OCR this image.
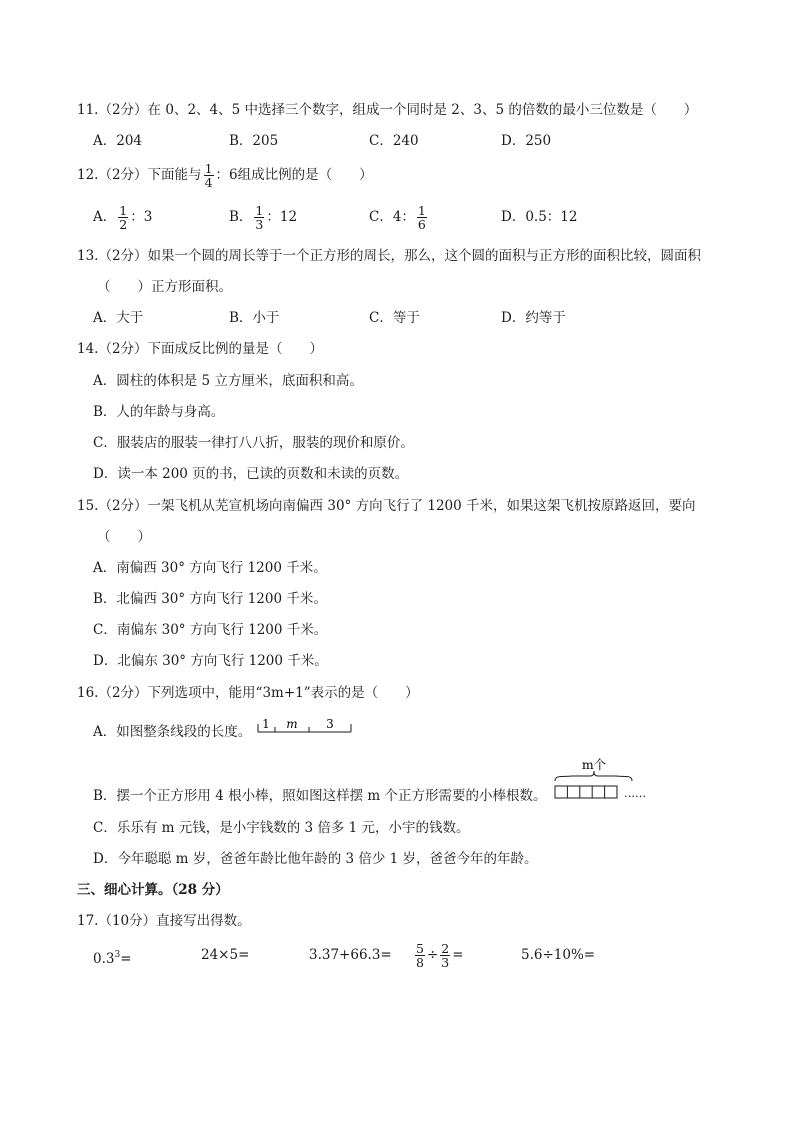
11.（2分）在 0、2、4、5 中选择三个数字，组成一个同时是 2、3、5 的倍数的最小三位数是（　　）
A．204	B．205	C．240	D．250
12.（2分）下面能与 $\frac{1}{4}$ ：6组成比例的是（　　）
A． $\frac{1}{2}$ ：3	B． $\frac{1}{3}$ ：12	C．4： $\frac{1}{6}$	D．0.5：12
13.（2分）如果一个圆的周长等于一个正方形的周长，那么，这个圆的面积与正方形的面积比较，圆面积
（　　）正方形面积。
A．大于	B．小于	C．等于	D．约等于
14.（2分）下面成反比例的量是（　　）
A．圆柱的体积是 5 立方厘米，底面积和高。
B．人的年龄与身高。
C．服装店的服装一律打八八折，服装的现价和原价。
D．读一本 200 页的书，已读的页数和未读的页数。
15.（2分）一架飞机从芜宣机场向南偏西 30° 方向飞行了 1200 千米，如果这架飞机按原路返回，要向
（　　）
A．南偏西 30° 方向飞行 1200 千米。
B．北偏西 30° 方向飞行 1200 千米。
C．南偏东 30° 方向飞行 1200 千米。
D．北偏东 30° 方向飞行 1200 千米。
16.（2分）下列选项中，能用“3m+1”表示的是（　　）
A．如图整条线段的长度。 1 m 3
B．摆一个正方形用 4 根小棒，照如图这样摆 m 个正方形需要的小棒根数。
m个
……
C．乐乐有 m 元钱，是小宇钱数的 3 倍多 1 元，小宇的钱数。
D．今年聪聪 m 岁，爸爸年龄比他年龄的 3 倍少 1 岁，爸爸今年的年龄。
三、细心计算。（28 分）
17.（10分）直接写出得数。
$0.3^3=$	24×5=	$3.37+66.3= \frac{5}{8} \div \frac{2}{3}$ =	5.6÷10%=
